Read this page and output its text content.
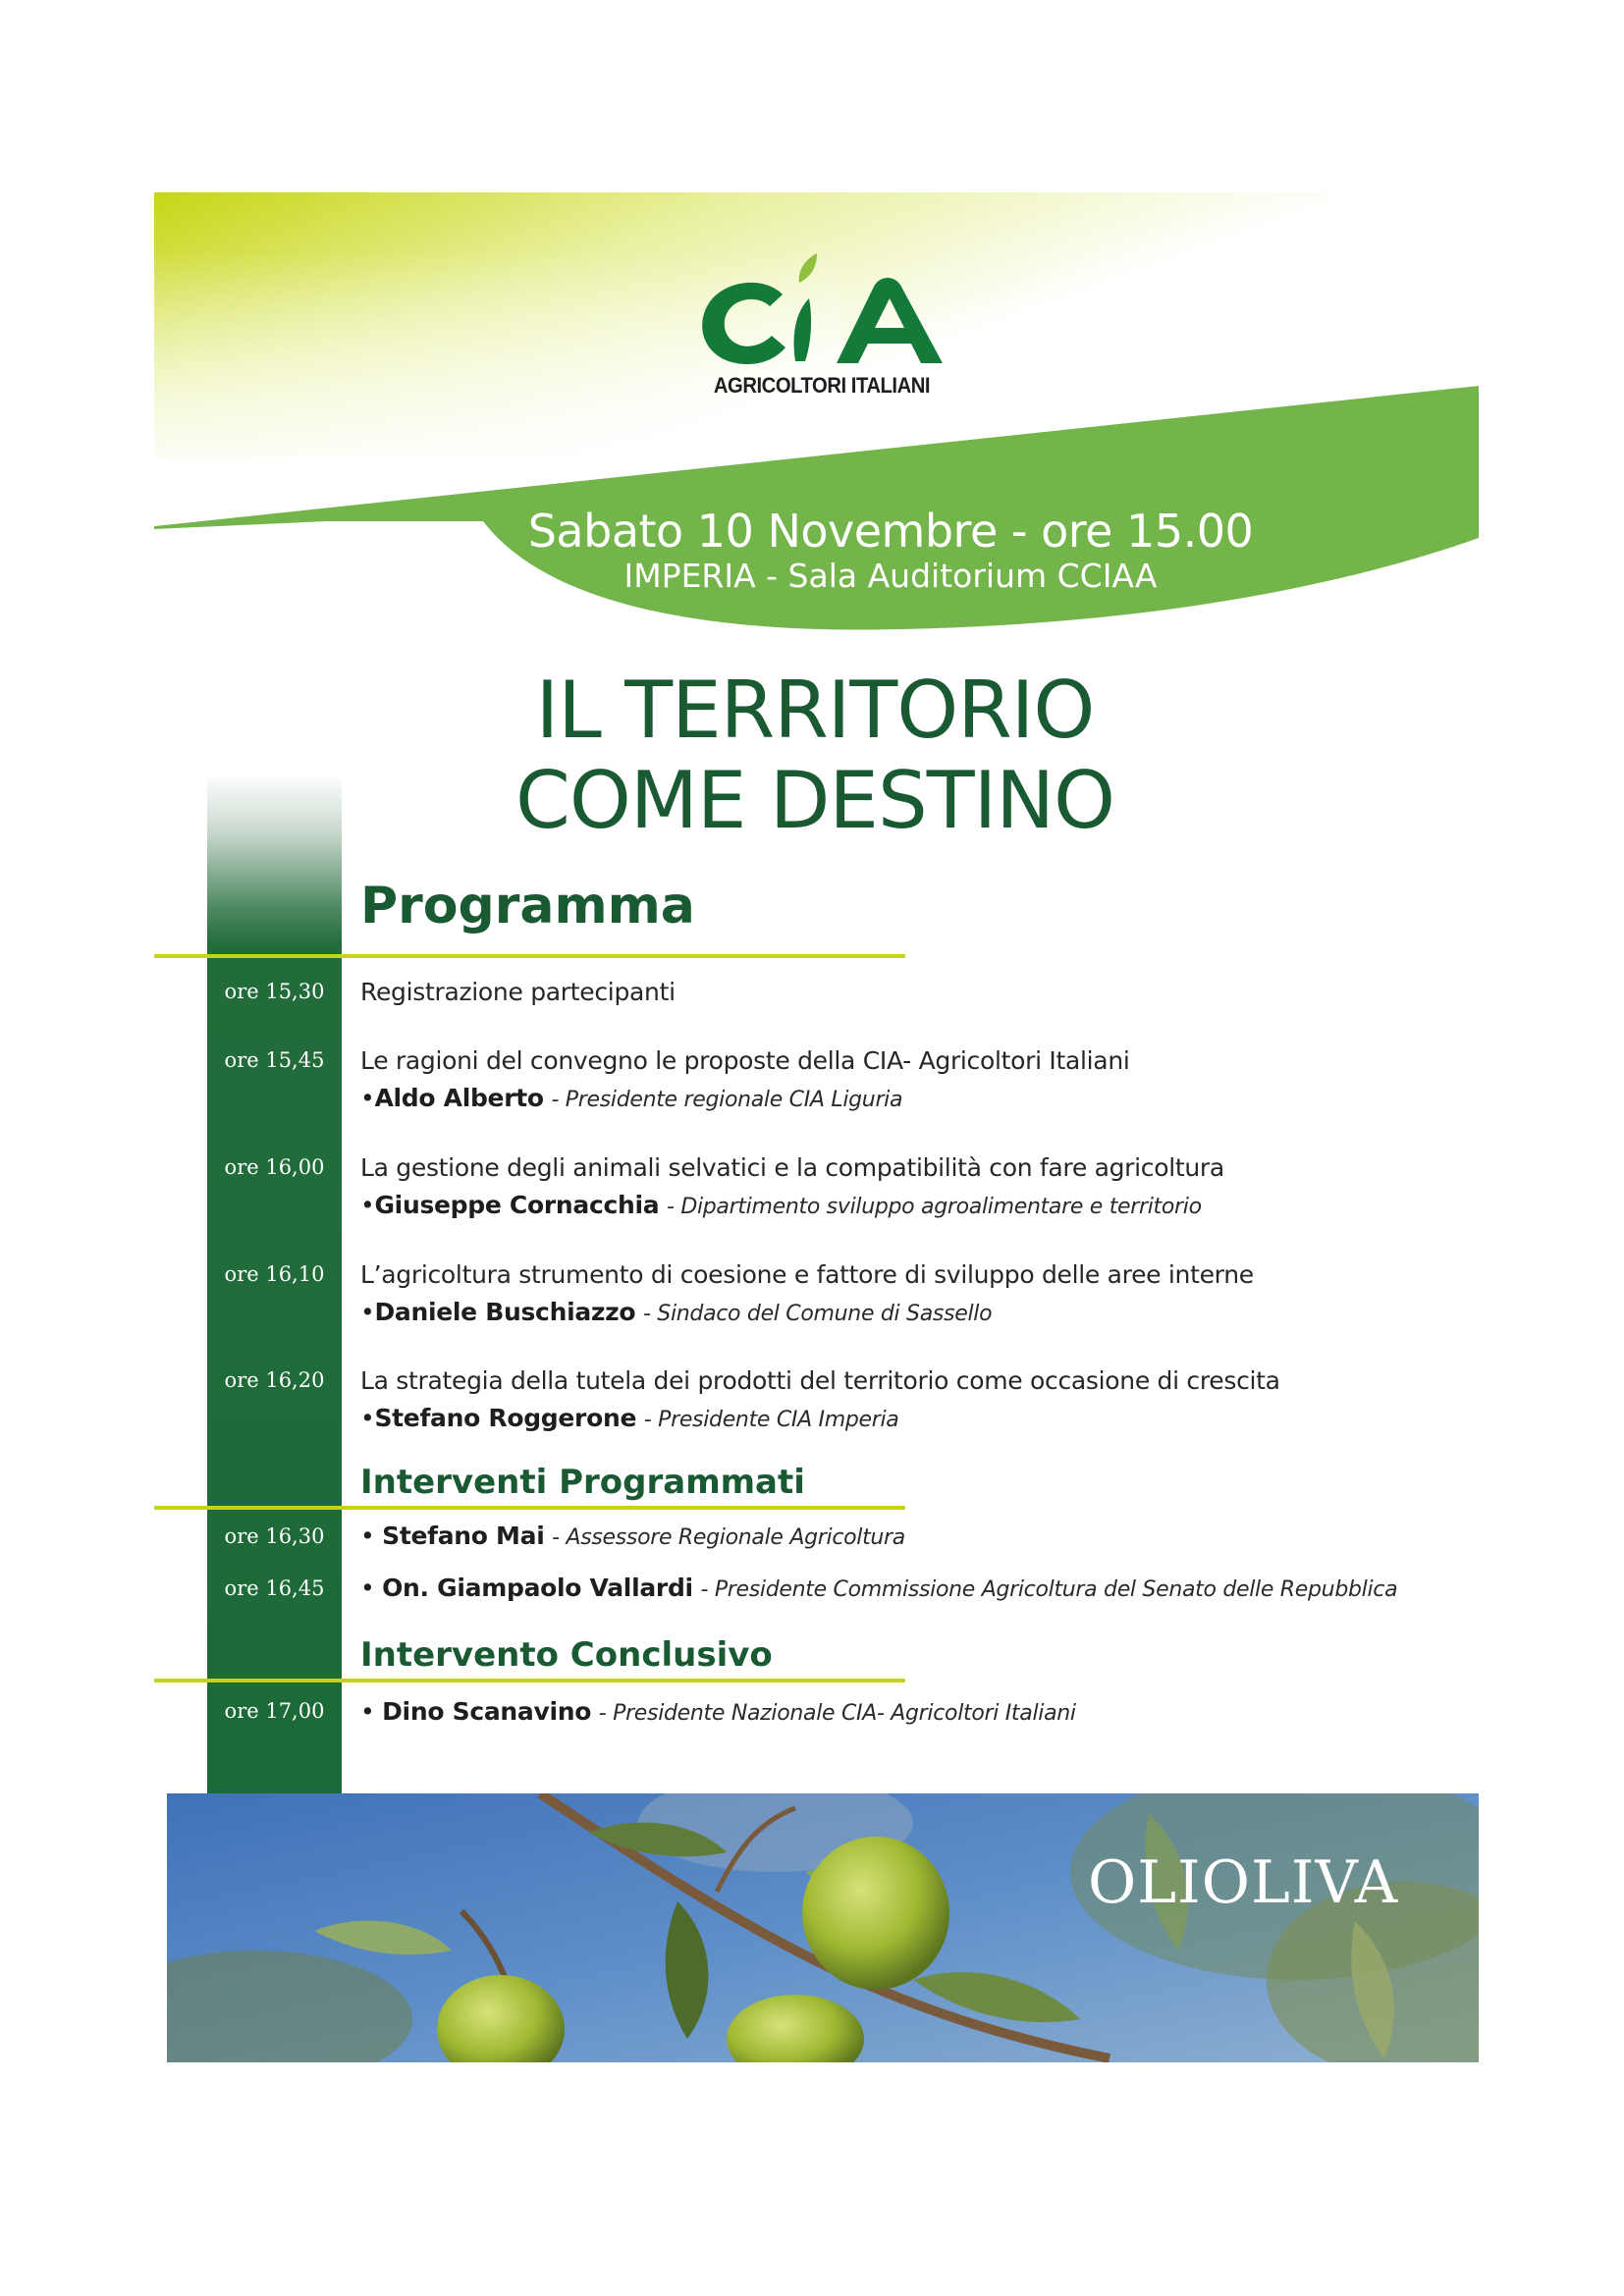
AGRICOLTORI ITALIANI
Sabato 10 Novembre - ore 15.00
IMPERIA - Sala Auditorium CCIAA
IL TERRITORIO
COME DESTINO
Programma
ore 15,30	Registrazione partecipanti
ore 15,45	Le ragioni del convegno le proposte della CIA- Agricoltori Italiani
•Aldo Alberto - Presidente regionale CIA Liguria
ore 16,00	La gestione degli animali selvatici e la compatibilità con fare agricoltura
•Giuseppe Cornacchia - Dipartimento sviluppo agroalimentare e territorio
ore 16,10	L’agricoltura strumento di coesione e fattore di sviluppo delle aree interne
•Daniele Buschiazzo - Sindaco del Comune di Sassello
ore 16,20	La strategia della tutela dei prodotti del territorio come occasione di crescita
•Stefano Roggerone - Presidente CIA Imperia
Interventi Programmati
ore 16,30	• Stefano Mai - Assessore Regionale Agricoltura
ore 16,45	• On. Giampaolo Vallardi - Presidente Commissione Agricoltura del Senato delle Repubblica
Intervento Conclusivo
ore 17,00	• Dino Scanavino - Presidente Nazionale CIA- Agricoltori Italiani
OLIOLIVA
